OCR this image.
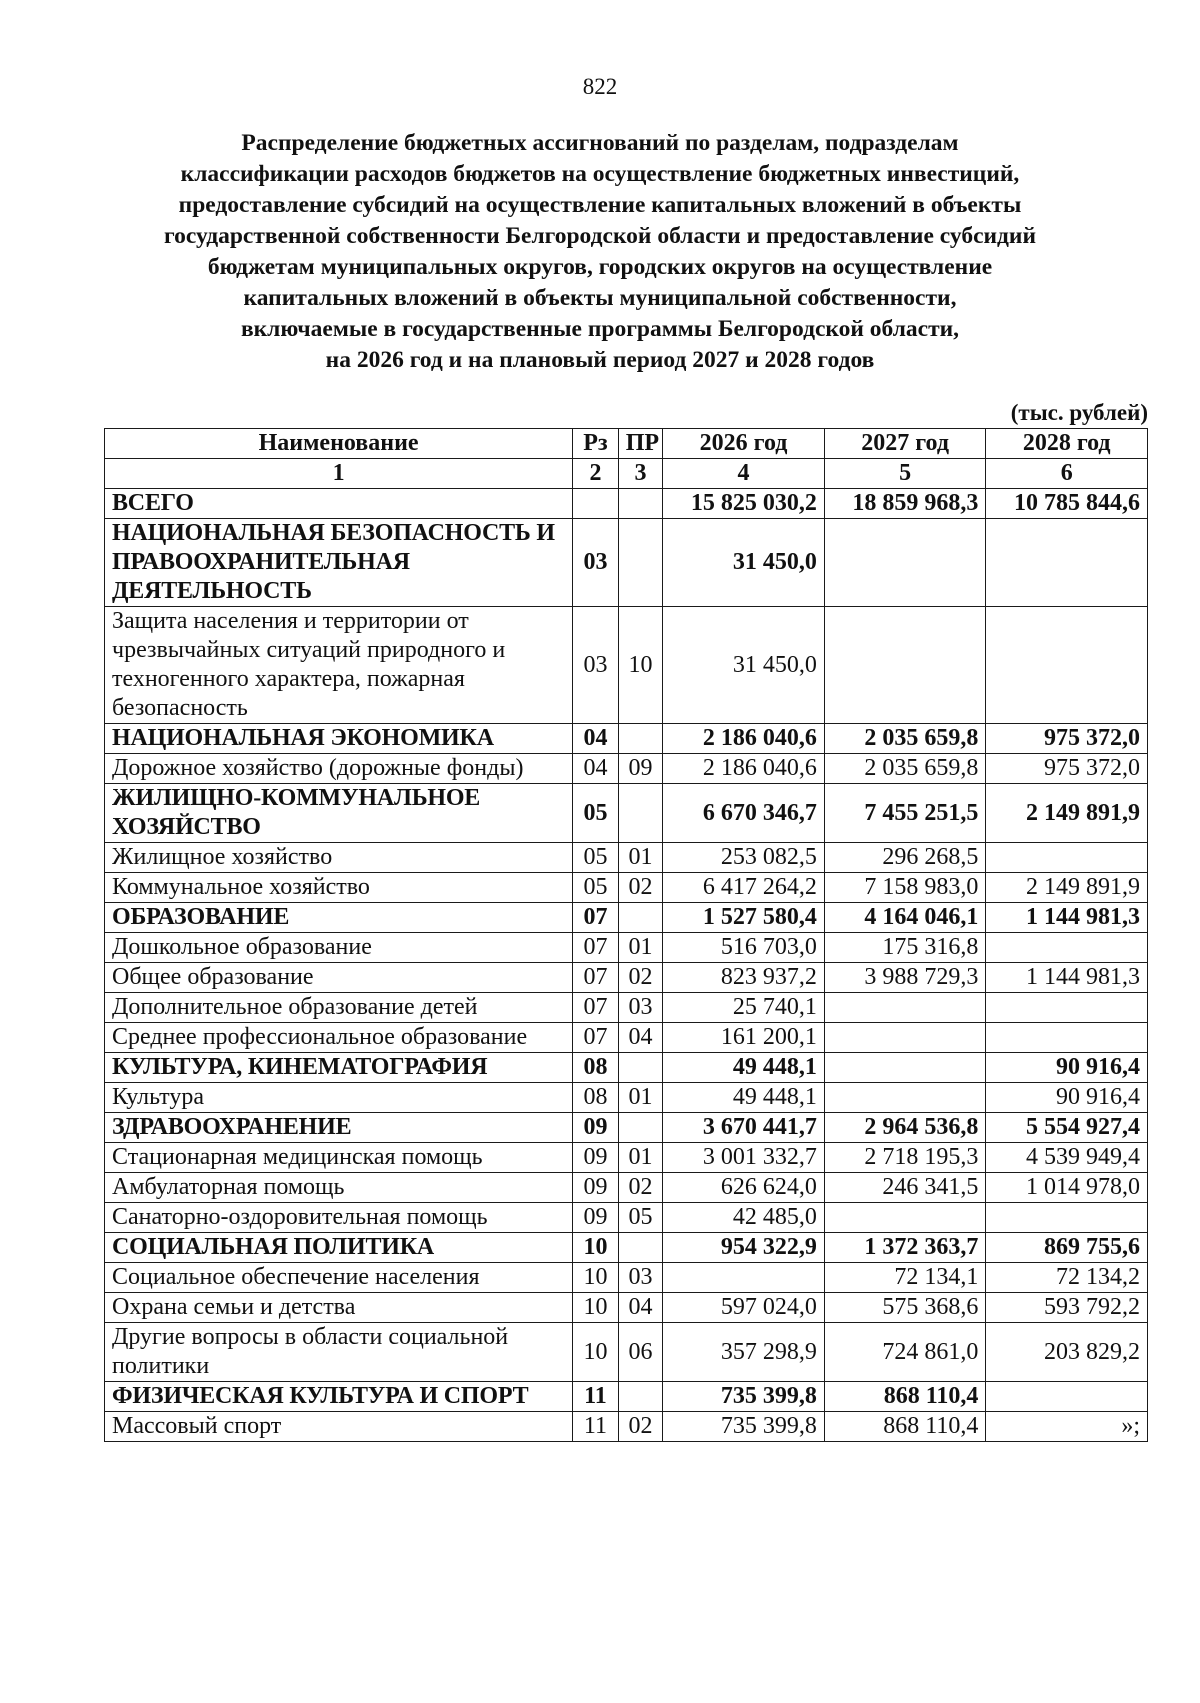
822
Распределение бюджетных ассигнований по разделам, подразделам
классификации расходов бюджетов на осуществление бюджетных инвестиций,
предоставление субсидий на осуществление капитальных вложений в объекты
государственной собственности Белгородской области и предоставление субсидий
бюджетам муниципальных округов, городских округов на осуществление
капитальных вложений в объекты муниципальной собственности,
включаемые в государственные программы Белгородской области,
на 2026 год и на плановый период 2027 и 2028 годов
(тыс. рублей)
Наименование	Рз	ПР	2026 год	2027 год	2028 год
1	2	3	4	5	6
ВСЕГО			15 825 030,2	18 859 968,3	10 785 844,6
НАЦИОНАЛЬНАЯ БЕЗОПАСНОСТЬ И ПРАВООХРАНИТЕЛЬНАЯ ДЕЯТЕЛЬНОСТЬ	03		31 450,0		
Защита населения и территории от чрезвычайных ситуаций природного и техногенного характера, пожарная безопасность	03	10	31 450,0		
НАЦИОНАЛЬНАЯ ЭКОНОМИКА	04		2 186 040,6	2 035 659,8	975 372,0
Дорожное хозяйство (дорожные фонды)	04	09	2 186 040,6	2 035 659,8	975 372,0
ЖИЛИЩНО-КОММУНАЛЬНОЕ ХОЗЯЙСТВО	05		6 670 346,7	7 455 251,5	2 149 891,9
Жилищное хозяйство	05	01	253 082,5	296 268,5	
Коммунальное хозяйство	05	02	6 417 264,2	7 158 983,0	2 149 891,9
ОБРАЗОВАНИЕ	07		1 527 580,4	4 164 046,1	1 144 981,3
Дошкольное образование	07	01	516 703,0	175 316,8	
Общее образование	07	02	823 937,2	3 988 729,3	1 144 981,3
Дополнительное образование детей	07	03	25 740,1		
Среднее профессиональное образование	07	04	161 200,1		
КУЛЬТУРА, КИНЕМАТОГРАФИЯ	08		49 448,1		90 916,4
Культура	08	01	49 448,1		90 916,4
ЗДРАВООХРАНЕНИЕ	09		3 670 441,7	2 964 536,8	5 554 927,4
Стационарная медицинская помощь	09	01	3 001 332,7	2 718 195,3	4 539 949,4
Амбулаторная помощь	09	02	626 624,0	246 341,5	1 014 978,0
Санаторно-оздоровительная помощь	09	05	42 485,0		
СОЦИАЛЬНАЯ ПОЛИТИКА	10		954 322,9	1 372 363,7	869 755,6
Социальное обеспечение населения	10	03		72 134,1	72 134,2
Охрана семьи и детства	10	04	597 024,0	575 368,6	593 792,2
Другие вопросы в области социальной политики	10	06	357 298,9	724 861,0	203 829,2
ФИЗИЧЕСКАЯ КУЛЬТУРА И СПОРТ	11		735 399,8	868 110,4	
Массовый спорт	11	02	735 399,8	868 110,4	»;
